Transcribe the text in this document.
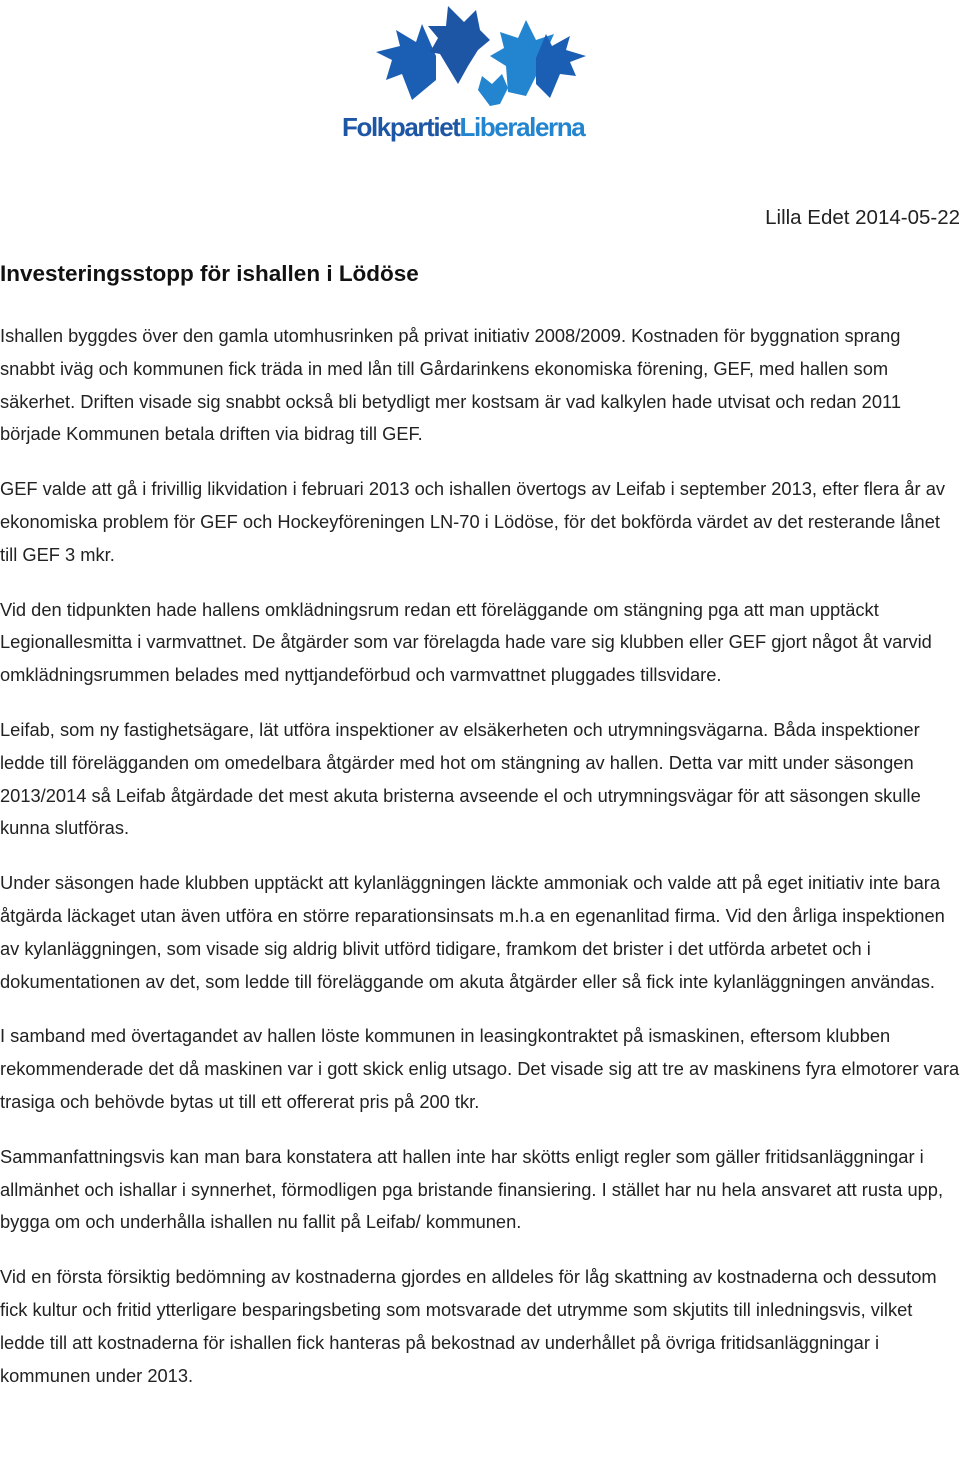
FolkpartietLiberalerna
Lilla Edet 2014-05-22
Investeringsstopp för ishallen i Lödöse

Ishallen byggdes över den gamla utomhusrinken på privat initiativ 2008/2009. Kostnaden för byggnation sprang snabbt iväg och kommunen fick träda in med lån till Gårdarinkens ekonomiska förening, GEF, med hallen som säkerhet. Driften visade sig snabbt också bli betydligt mer kostsam är vad kalkylen hade utvisat och redan 2011 började Kommunen betala driften via bidrag till GEF.

GEF valde att gå i frivillig likvidation i februari 2013 och ishallen övertogs av Leifab i september 2013, efter flera år av ekonomiska problem för GEF och Hockeyföreningen LN-70 i Lödöse, för det bokförda värdet av det resterande lånet till GEF 3 mkr.

Vid den tidpunkten hade hallens omklädningsrum redan ett föreläggande om stängning pga att man upptäckt Legionallesmitta i varmvattnet. De åtgärder som var förelagda hade vare sig klubben eller GEF gjort något åt varvid omklädningsrummen belades med nyttjandeförbud och varmvattnet pluggades tillsvidare.

Leifab, som ny fastighetsägare, lät utföra inspektioner av elsäkerheten och utrymningsvägarna. Båda inspektioner ledde till förelägganden om omedelbara åtgärder med hot om stängning av hallen. Detta var mitt under säsongen 2013/2014 så Leifab åtgärdade det mest akuta bristerna avseende el och utrymningsvägar för att säsongen skulle kunna slutföras.

Under säsongen hade klubben upptäckt att kylanläggningen läckte ammoniak och valde att på eget initiativ inte bara åtgärda läckaget utan även utföra en större reparationsinsats m.h.a en egenanlitad firma. Vid den årliga inspektionen av kylanläggningen, som visade sig aldrig blivit utförd tidigare, framkom det brister i det utförda arbetet och i dokumentationen av det, som ledde till föreläggande om akuta åtgärder eller så fick inte kylanläggningen användas.

I samband med övertagandet av hallen löste kommunen in leasingkontraktet på ismaskinen, eftersom klubben rekommenderade det då maskinen var i gott skick enlig utsago. Det visade sig att tre av maskinens fyra elmotorer vara trasiga och behövde bytas ut till ett offererat pris på 200 tkr.

Sammanfattningsvis kan man bara konstatera att hallen inte har skötts enligt regler som gäller fritidsanläggningar i allmänhet och ishallar i synnerhet, förmodligen pga bristande finansiering. I stället har nu hela ansvaret att rusta upp, bygga om och underhålla ishallen nu fallit på Leifab/ kommunen.

Vid en första försiktig bedömning av kostnaderna gjordes en alldeles för låg skattning av kostnaderna och dessutom fick kultur och fritid ytterligare besparingsbeting som motsvarade det utrymme som skjutits till inledningsvis, vilket ledde till att kostnaderna för ishallen fick hanteras på bekostnad av underhållet på övriga fritidsanläggningar i kommunen under 2013.
